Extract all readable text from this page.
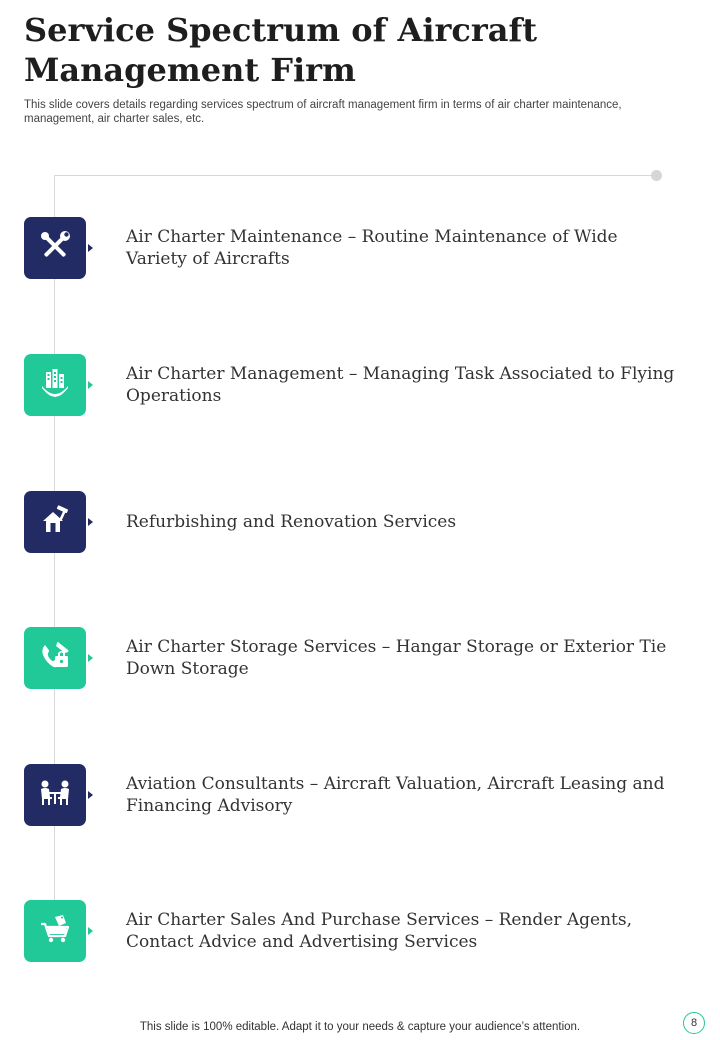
Service Spectrum of Aircraft Management Firm

This slide covers details regarding services spectrum of aircraft management firm in terms of air charter maintenance, management, air charter sales, etc.

Air Charter Maintenance – Routine Maintenance of Wide Variety of Aircrafts
Air Charter Management – Managing Task Associated to Flying Operations
Refurbishing and Renovation Services
Air Charter Storage Services – Hangar Storage or Exterior Tie Down Storage
Aviation Consultants – Aircraft Valuation, Aircraft Leasing and Financing Advisory
Air Charter Sales And Purchase Services – Render Agents, Contact Advice and Advertising Services

This slide is 100% editable. Adapt it to your needs & capture your audience’s attention.	8
